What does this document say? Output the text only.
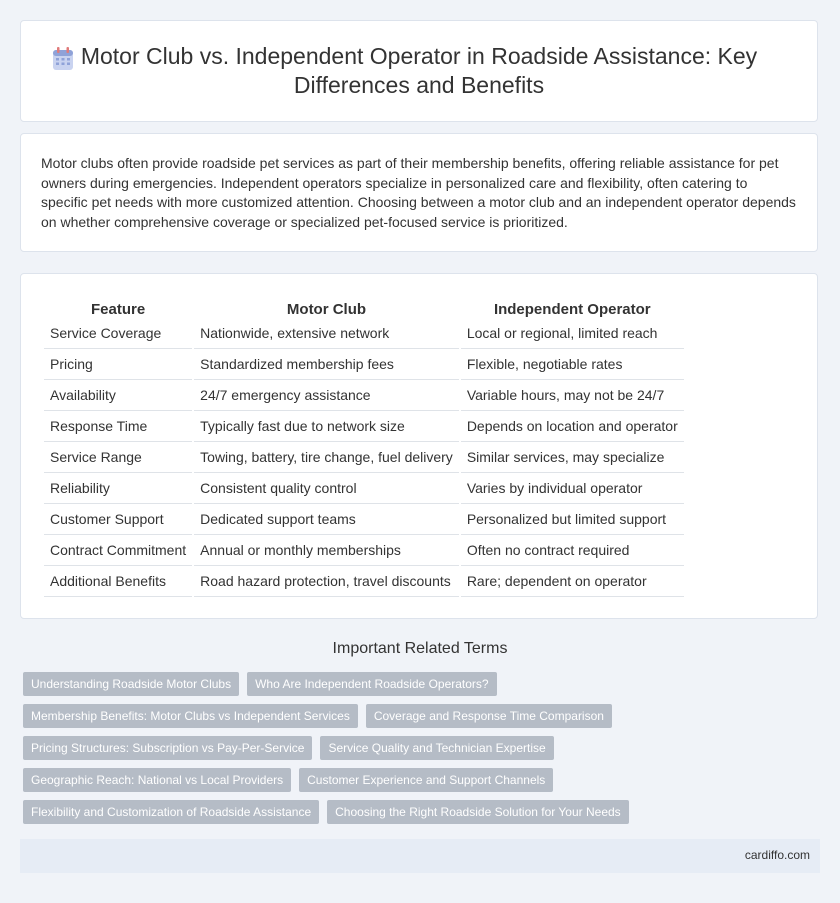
Motor Club vs. Independent Operator in Roadside Assistance: Key Differences and Benefits

Motor clubs often provide roadside pet services as part of their membership benefits, offering reliable assistance for pet owners during emergencies. Independent operators specialize in personalized care and flexibility, often catering to specific pet needs with more customized attention. Choosing between a motor club and an independent operator depends on whether comprehensive coverage or specialized pet-focused service is prioritized.

Feature	Motor Club	Independent Operator
Service Coverage	Nationwide, extensive network	Local or regional, limited reach
Pricing	Standardized membership fees	Flexible, negotiable rates
Availability	24/7 emergency assistance	Variable hours, may not be 24/7
Response Time	Typically fast due to network size	Depends on location and operator
Service Range	Towing, battery, tire change, fuel delivery	Similar services, may specialize
Reliability	Consistent quality control	Varies by individual operator
Customer Support	Dedicated support teams	Personalized but limited support
Contract Commitment	Annual or monthly memberships	Often no contract required
Additional Benefits	Road hazard protection, travel discounts	Rare; dependent on operator
Important Related Terms
Understanding Roadside Motor Clubs	Who Are Independent Roadside Operators?
Membership Benefits: Motor Clubs vs Independent Services	Coverage and Response Time Comparison
Pricing Structures: Subscription vs Pay-Per-Service	Service Quality and Technician Expertise
Geographic Reach: National vs Local Providers	Customer Experience and Support Channels
Flexibility and Customization of Roadside Assistance	Choosing the Right Roadside Solution for Your Needs
cardiffo.com
